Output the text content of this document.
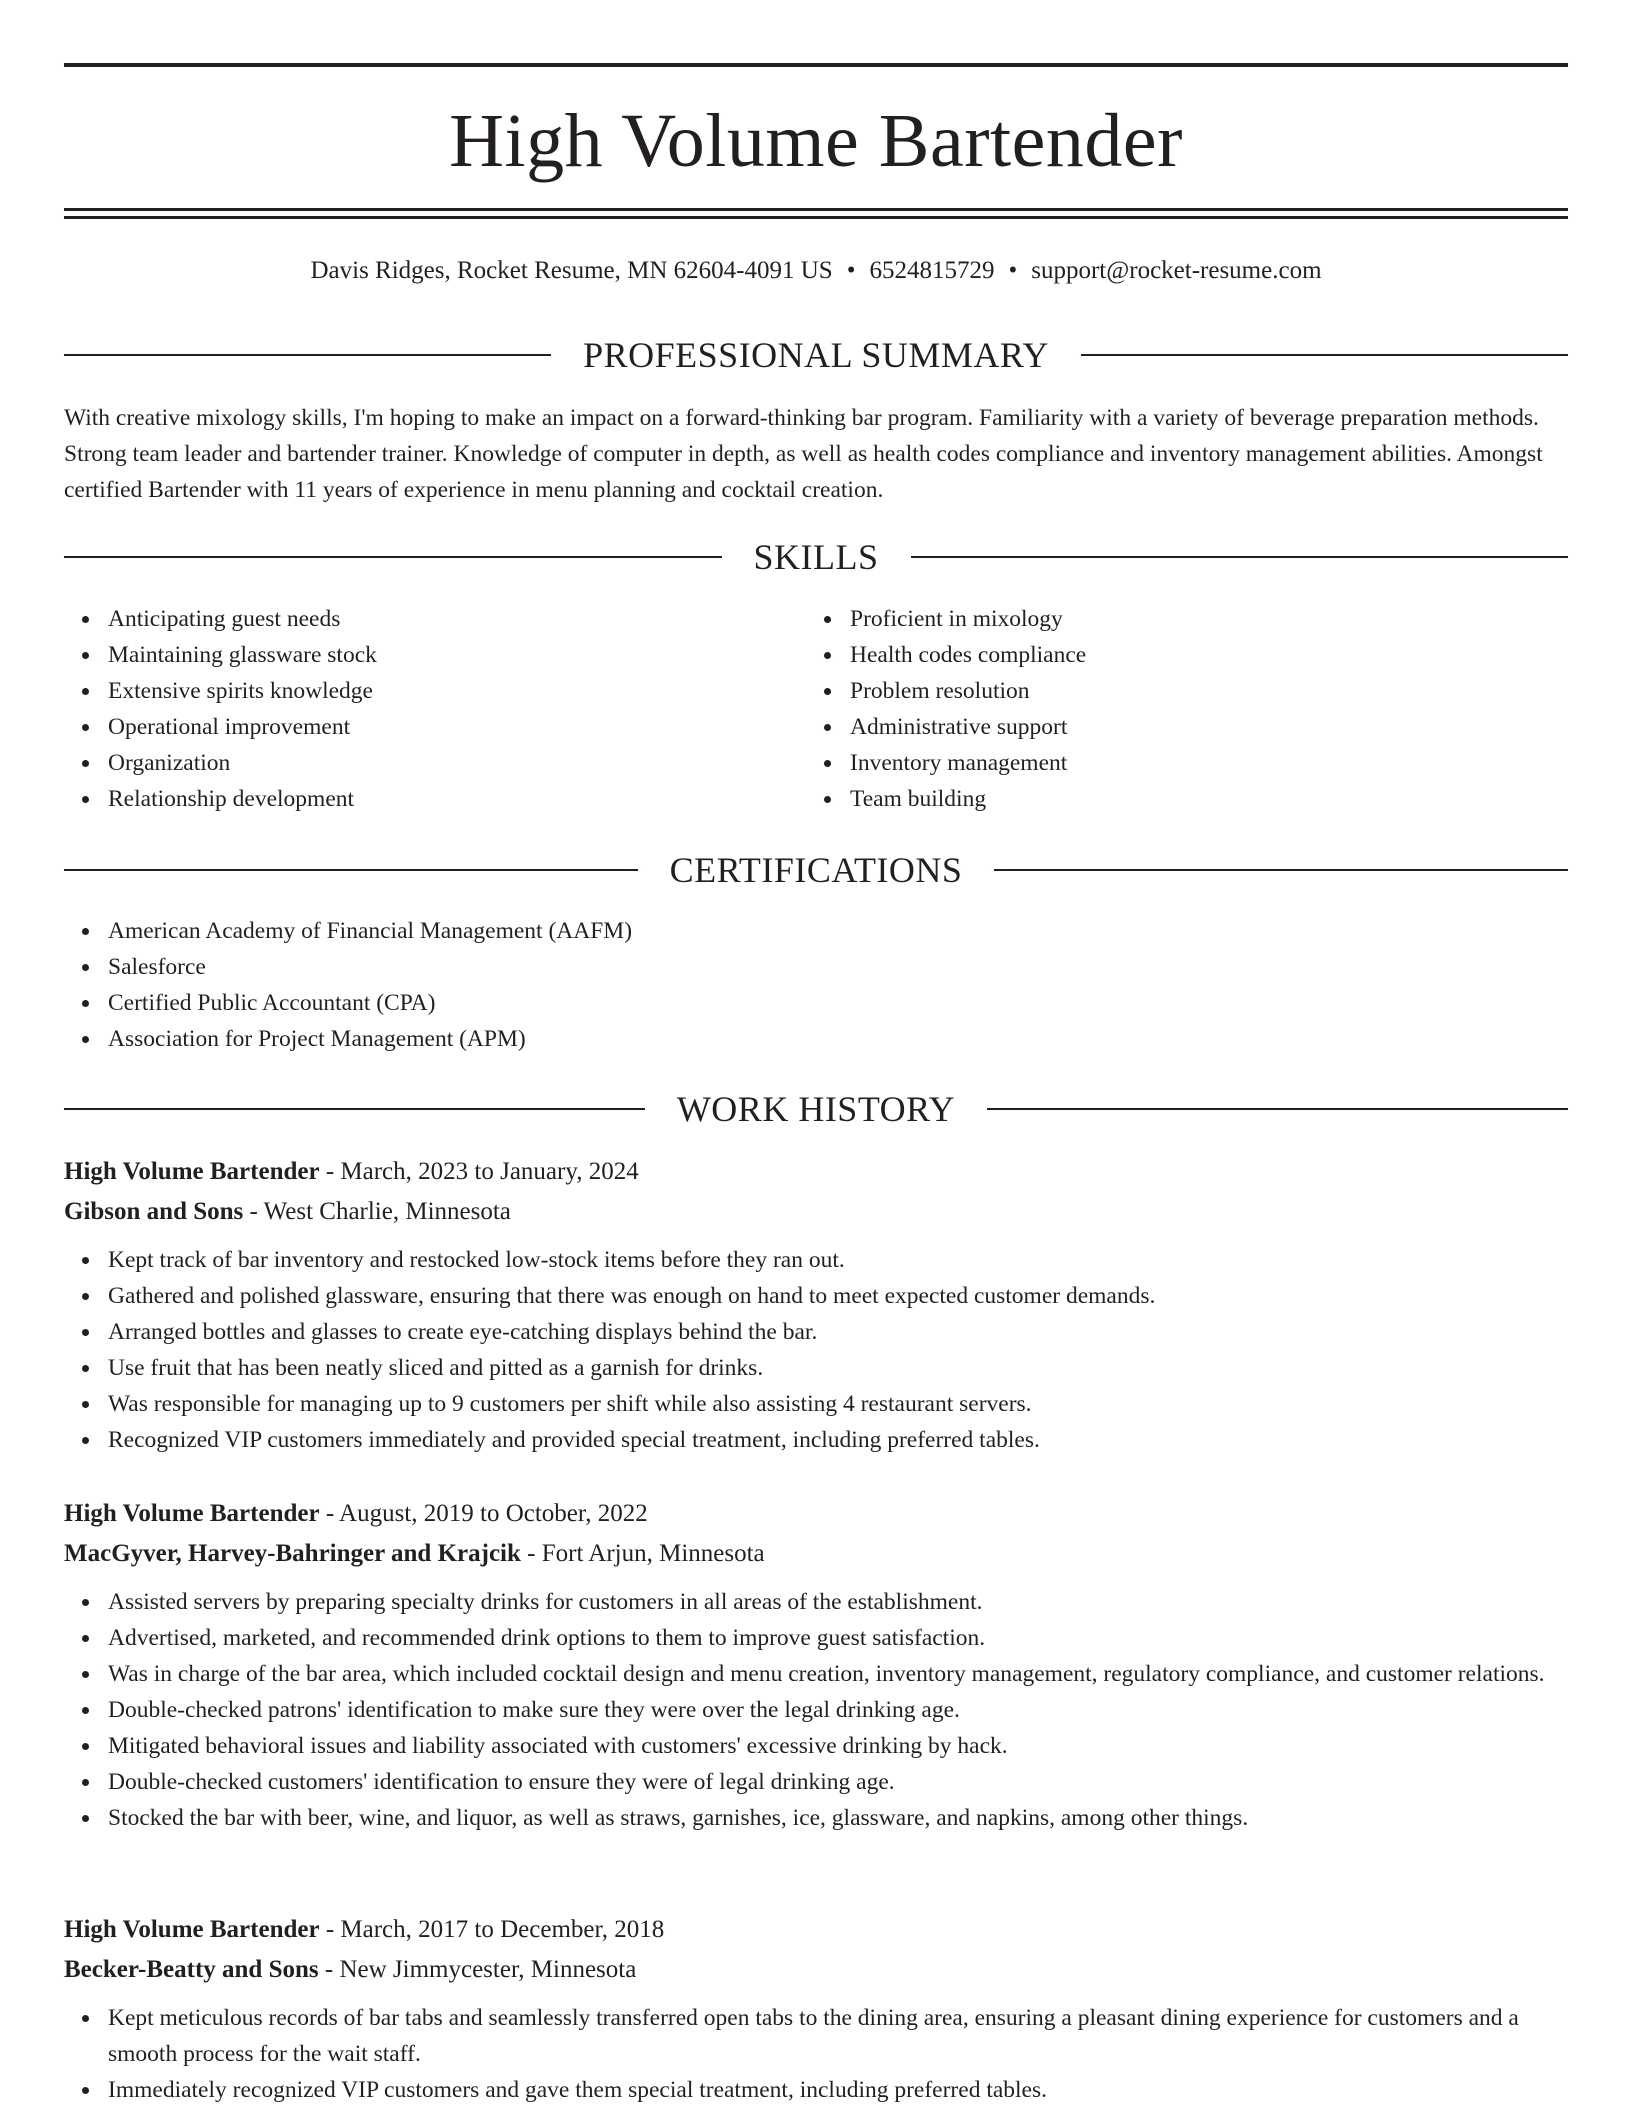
High Volume Bartender
Davis Ridges, Rocket Resume, MN 62604-4091 US • 6524815729 • support@rocket-resume.com
PROFESSIONAL SUMMARY

With creative mixology skills, I'm hoping to make an impact on a forward-thinking bar program. Familiarity with a variety of beverage preparation methods. Strong team leader and bartender trainer. Knowledge of computer in depth, as well as health codes compliance and inventory management abilities. Amongst certified Bartender with 11 years of experience in menu planning and cocktail creation.

SKILLS
Anticipating guest needs
Maintaining glassware stock
Extensive spirits knowledge
Operational improvement
Organization
Relationship development
Proficient in mixology
Health codes compliance
Problem resolution
Administrative support
Inventory management
Team building
CERTIFICATIONS
American Academy of Financial Management (AAFM)
Salesforce
Certified Public Accountant (CPA)
Association for Project Management (APM)
WORK HISTORY
High Volume Bartender - March, 2023 to January, 2024
Gibson and Sons - West Charlie, Minnesota
Kept track of bar inventory and restocked low-stock items before they ran out.
Gathered and polished glassware, ensuring that there was enough on hand to meet expected customer demands.
Arranged bottles and glasses to create eye-catching displays behind the bar.
Use fruit that has been neatly sliced and pitted as a garnish for drinks.
Was responsible for managing up to 9 customers per shift while also assisting 4 restaurant servers.
Recognized VIP customers immediately and provided special treatment, including preferred tables.
High Volume Bartender - August, 2019 to October, 2022
MacGyver, Harvey-Bahringer and Krajcik - Fort Arjun, Minnesota
Assisted servers by preparing specialty drinks for customers in all areas of the establishment.
Advertised, marketed, and recommended drink options to them to improve guest satisfaction.
Was in charge of the bar area, which included cocktail design and menu creation, inventory management, regulatory compliance, and customer relations.
Double-checked patrons' identification to make sure they were over the legal drinking age.
Mitigated behavioral issues and liability associated with customers' excessive drinking by hack.
Double-checked customers' identification to ensure they were of legal drinking age.
Stocked the bar with beer, wine, and liquor, as well as straws, garnishes, ice, glassware, and napkins, among other things.
High Volume Bartender - March, 2017 to December, 2018
Becker-Beatty and Sons - New Jimmycester, Minnesota
Kept meticulous records of bar tabs and seamlessly transferred open tabs to the dining area, ensuring a pleasant dining experience for customers and a smooth process for the wait staff.
Immediately recognized VIP customers and gave them special treatment, including preferred tables.
